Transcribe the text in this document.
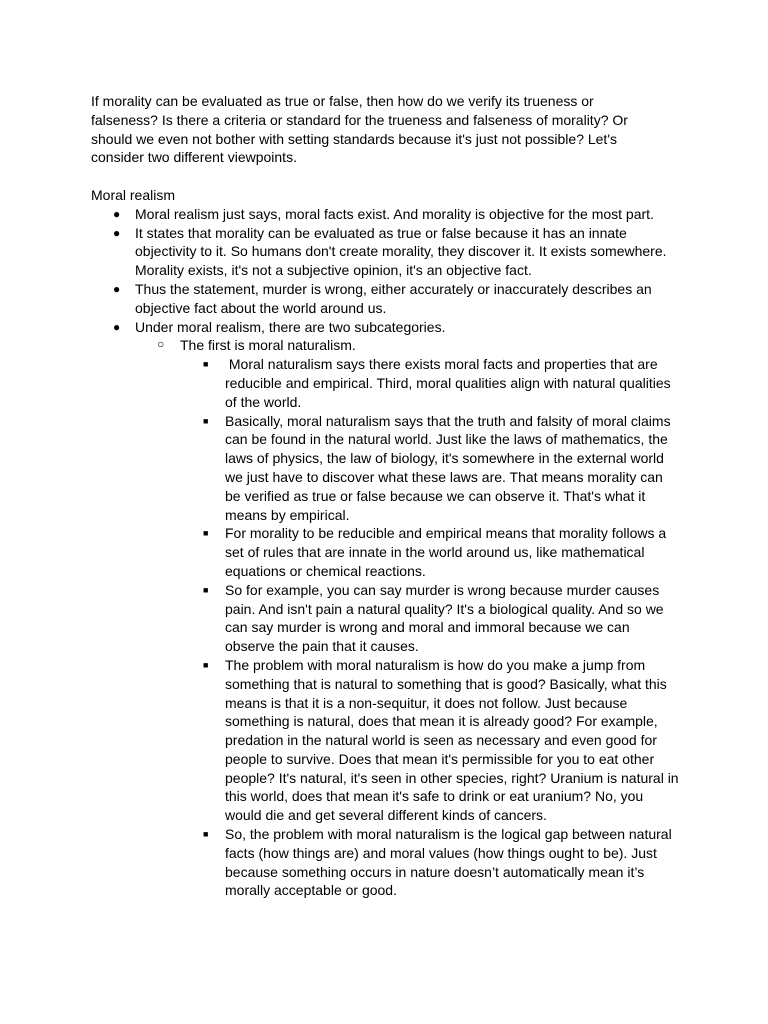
If morality can be evaluated as true or false, then how do we verify its trueness or falseness? Is there a criteria or standard for the trueness and falseness of morality? Or should we even not bother with setting standards because it's just not possible? Let's consider two different viewpoints.

Moral realism

● Moral realism just says, moral facts exist. And morality is objective for the most part.
● It states that morality can be evaluated as true or false because it has an innate objectivity to it. So humans don't create morality, they discover it. It exists somewhere. Morality exists, it's not a subjective opinion, it's an objective fact.
● Thus the statement, murder is wrong, either accurately or inaccurately describes an objective fact about the world around us.
● Under moral realism, there are two subcategories.
○ The first is moral naturalism.
■ Moral naturalism says there exists moral facts and properties that are reducible and empirical. Third, moral qualities align with natural qualities of the world.
■ Basically, moral naturalism says that the truth and falsity of moral claims can be found in the natural world. Just like the laws of mathematics, the laws of physics, the law of biology, it's somewhere in the external world we just have to discover what these laws are. That means morality can be verified as true or false because we can observe it. That's what it means by empirical.
■ For morality to be reducible and empirical means that morality follows a set of rules that are innate in the world around us, like mathematical equations or chemical reactions.
■ So for example, you can say murder is wrong because murder causes pain. And isn't pain a natural quality? It's a biological quality. And so we can say murder is wrong and moral and immoral because we can observe the pain that it causes.
■ The problem with moral naturalism is how do you make a jump from something that is natural to something that is good? Basically, what this means is that it is a non-sequitur, it does not follow. Just because something is natural, does that mean it is already good? For example, predation in the natural world is seen as necessary and even good for people to survive. Does that mean it's permissible for you to eat other people? It's natural, it's seen in other species, right? Uranium is natural in this world, does that mean it's safe to drink or eat uranium? No, you would die and get several different kinds of cancers.
■ So, the problem with moral naturalism is the logical gap between natural facts (how things are) and moral values (how things ought to be). Just because something occurs in nature doesn’t automatically mean it’s morally acceptable or good.
